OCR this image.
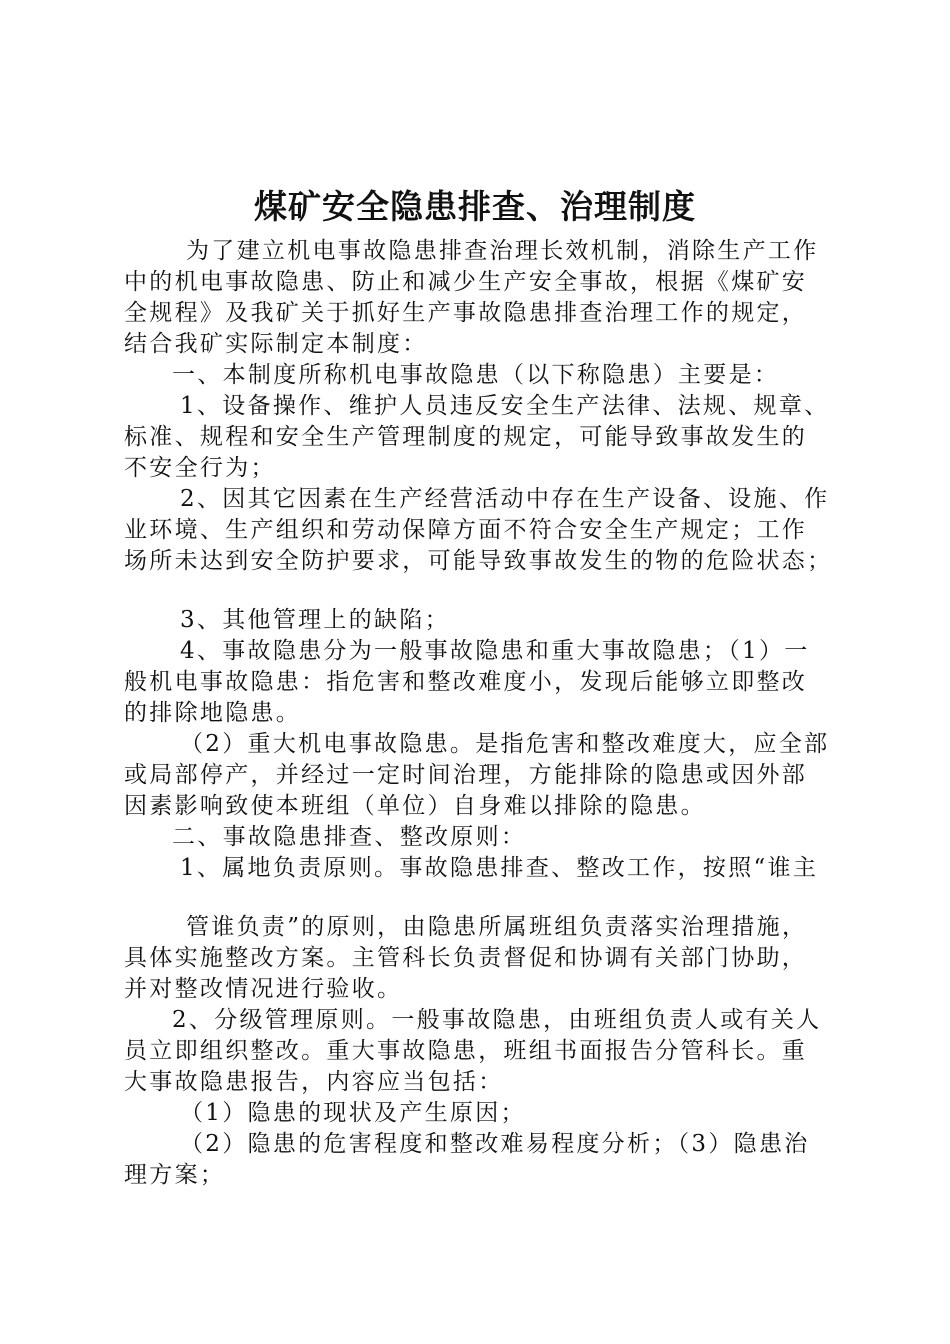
煤矿安全隐患排查、治理制度
为了建立机电事故隐患排查治理长效机制，消除生产工作
中的机电事故隐患、防止和减少生产安全事故，根据《煤矿安
全规程》及我矿关于抓好生产事故隐患排查治理工作的规定，
结合我矿实际制定本制度：
一、本制度所称机电事故隐患（以下称隐患）主要是：
1、设备操作、维护人员违反安全生产法律、法规、规章、
标准、规程和安全生产管理制度的规定，可能导致事故发生的
不安全行为；
2、因其它因素在生产经营活动中存在生产设备、设施、作
业环境、生产组织和劳动保障方面不符合安全生产规定；工作
场所未达到安全防护要求，可能导致事故发生的物的危险状态；
3、其他管理上的缺陷；
4、事故隐患分为一般事故隐患和重大事故隐患；（1）一
般机电事故隐患：指危害和整改难度小，发现后能够立即整改
的排除地隐患。
（2）重大机电事故隐患。是指危害和整改难度大，应全部
或局部停产，并经过一定时间治理，方能排除的隐患或因外部
因素影响致使本班组（单位）自身难以排除的隐患。
二、事故隐患排查、整改原则：
1、属地负责原则。事故隐患排查、整改工作，按照“谁主
管谁负责”的原则，由隐患所属班组负责落实治理措施，
具体实施整改方案。主管科长负责督促和协调有关部门协助，
并对整改情况进行验收。
2、分级管理原则。一般事故隐患，由班组负责人或有关人
员立即组织整改。重大事故隐患，班组书面报告分管科长。重
大事故隐患报告，内容应当包括：
（1）隐患的现状及产生原因；
（2）隐患的危害程度和整改难易程度分析；（3）隐患治
理方案；
